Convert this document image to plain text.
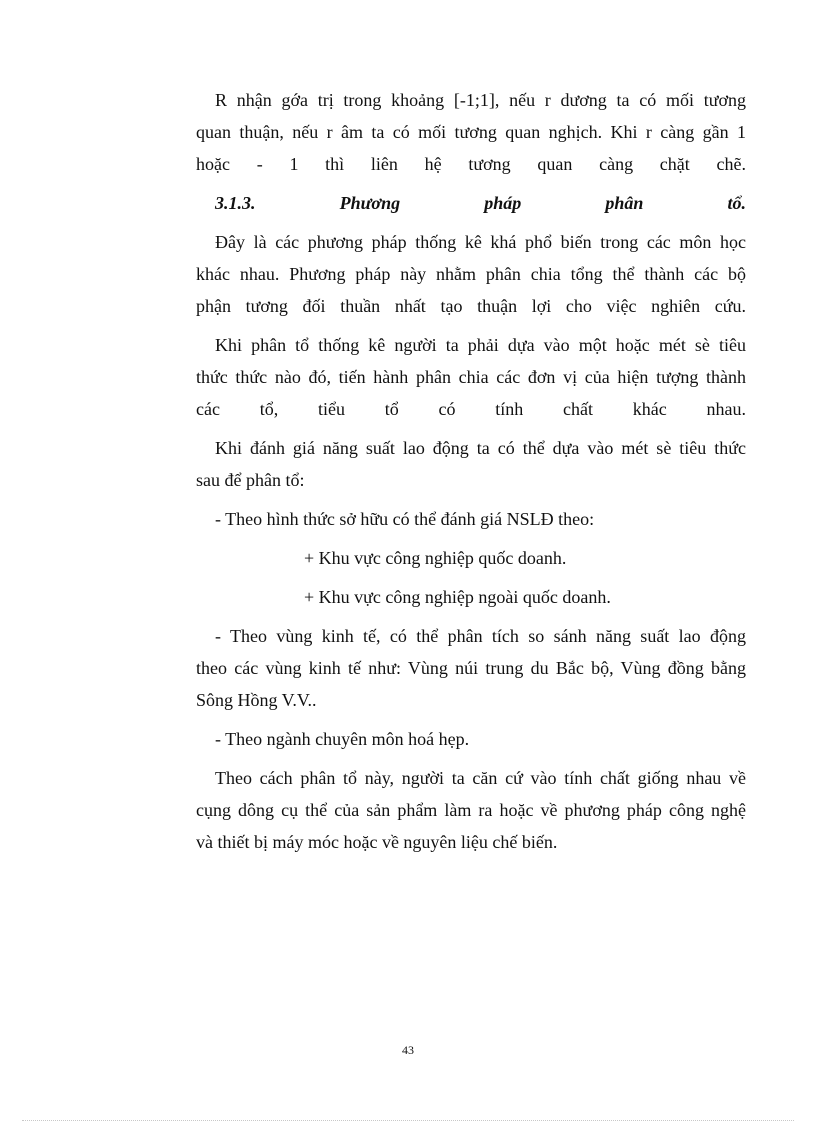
R nhận gớa trị trong khoảng [-1;1], nếu r dương ta có mối tương
quan thuận, nếu r âm ta có mối tương quan nghịch. Khi r càng gần 1
hoặc - 1 thì liên hệ tương quan càng chặt chẽ.
3.1.3. Phương pháp phân tổ.
Đây là các phương pháp thống kê khá phổ biến trong các môn học
khác nhau. Phương pháp này nhằm phân chia tổng thể thành các bộ
phận tương đối thuần nhất tạo thuận lợi cho việc nghiên cứu.
Khi phân tổ thống kê người ta phải dựa vào một hoặc mét sè tiêu
thức thức nào đó, tiến hành phân chia các đơn vị của hiện tượng thành
các tổ, tiểu tổ có tính chất khác nhau.
Khi đánh giá năng suất lao động ta có thể dựa vào mét sè tiêu thức
sau để phân tổ:
- Theo hình thức sở hữu có thể đánh giá NSLĐ theo:
+ Khu vực công nghiệp quốc doanh.
+ Khu vực công nghiệp ngoài quốc doanh.
- Theo vùng kinh tế, có thể phân tích so sánh năng suất lao động
theo các vùng kinh tế như: Vùng núi trung du Bắc bộ, Vùng đồng bằng
Sông Hồng V.V..
- Theo ngành chuyên môn hoá hẹp.
Theo cách phân tổ này, người ta căn cứ vào tính chất giống nhau về
cụng dông cụ thể của sản phẩm làm ra hoặc về phương pháp công nghệ
và thiết bị máy móc hoặc về nguyên liệu chế biến.
43
